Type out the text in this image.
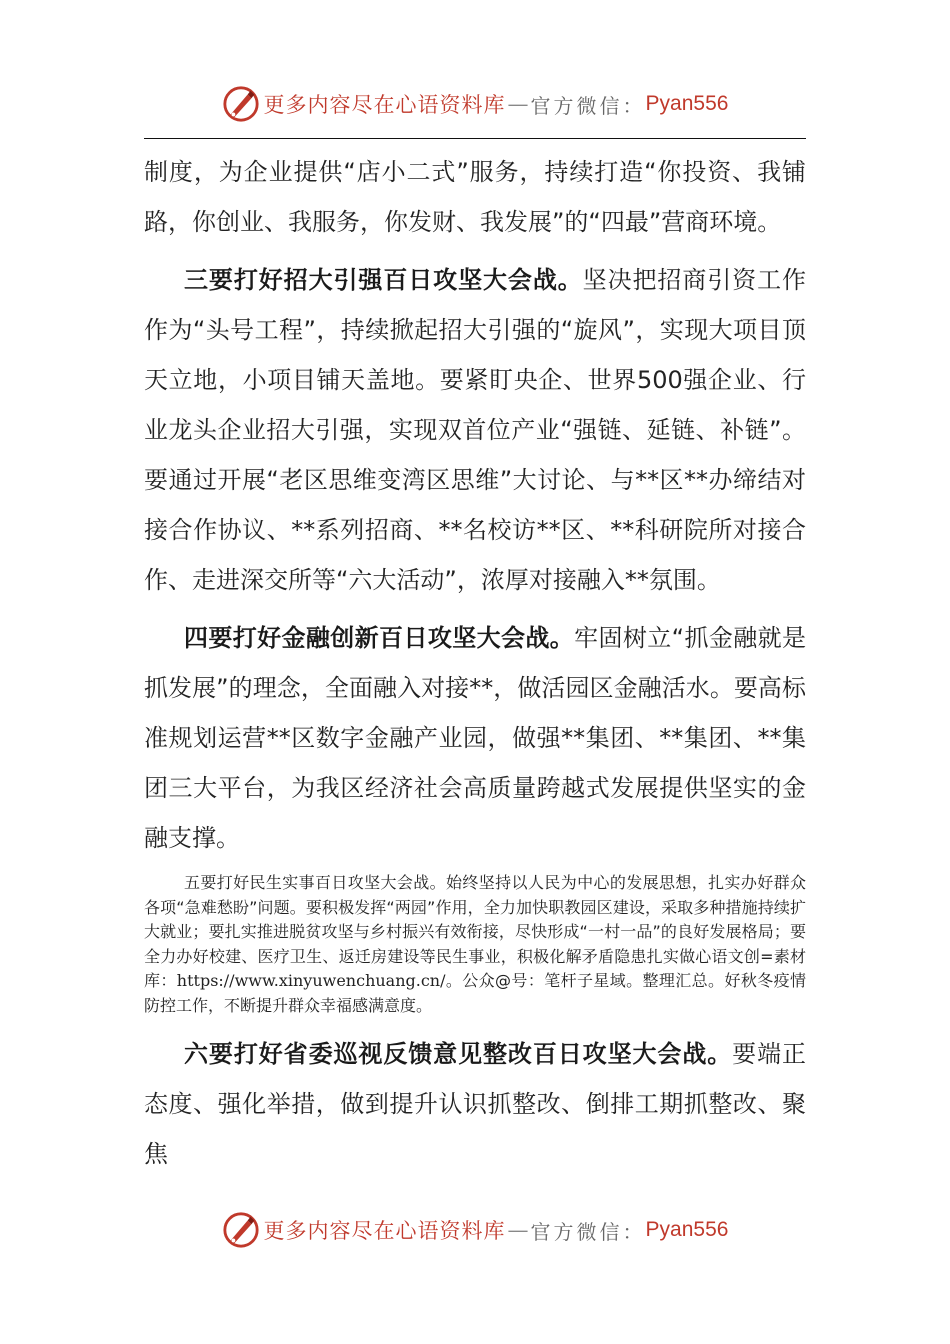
更多内容尽在心语资料库 — 官方微信： Pyan556

制度，为企业提供“店小二式”服务，持续打造“你投资、我铺路，你创业、我服务，你发财、我发展”的“四最”营商环境。

三要打好招大引强百日攻坚大会战。坚决把招商引资工作作为“头号工程”，持续掀起招大引强的“旋风”，实现大项目顶天立地，小项目铺天盖地。要紧盯央企、世界500强企业、行业龙头企业招大引强，实现双首位产业“强链、延链、补链”。要通过开展“老区思维变湾区思维”大讨论、与**区**办缔结对接合作协议、**系列招商、**名校访**区、**科研院所对接合作、走进深交所等“六大活动”，浓厚对接融入**氛围。

四要打好金融创新百日攻坚大会战。牢固树立“抓金融就是抓发展”的理念，全面融入对接**，做活园区金融活水。要高标准规划运营**区数字金融产业园，做强**集团、**集团、**集团三大平台，为我区经济社会高质量跨越式发展提供坚实的金融支撑。

五要打好民生实事百日攻坚大会战。始终坚持以人民为中心的发展思想，扎实办好群众各项“急难愁盼”问题。要积极发挥“两园”作用，全力加快职教园区建设，采取多种措施持续扩大就业；要扎实推进脱贫攻坚与乡村振兴有效衔接，尽快形成“一村一品”的良好发展格局；要全力办好校建、医疗卫生、返迁房建设等民生事业，积极化解矛盾隐患扎实做心语文创=素材库：https://www.xinyuwenchuang.cn/。公众@号：笔杆子星域。整理汇总。好秋冬疫情防控工作，不断提升群众幸福感满意度。

六要打好省委巡视反馈意见整改百日攻坚大会战。要端正态度、强化举措，做到提升认识抓整改、倒排工期抓整改、聚焦

更多内容尽在心语资料库 — 官方微信： Pyan556
